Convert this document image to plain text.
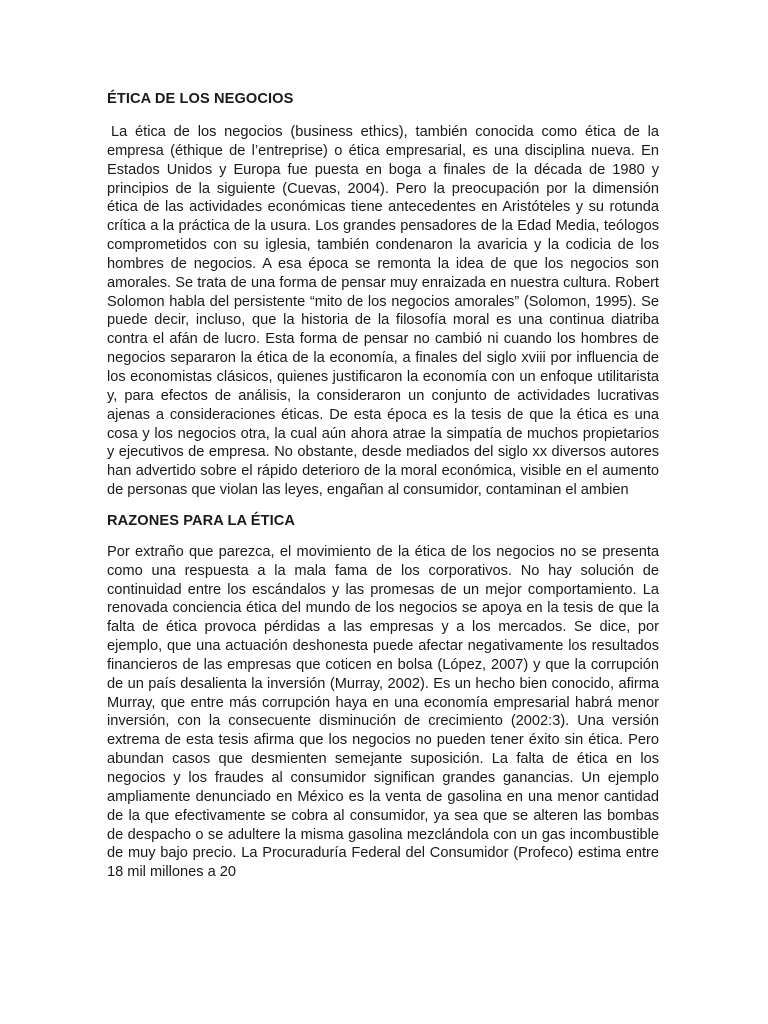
ÉTICA DE LOS NEGOCIOS

La ética de los negocios (business ethics), también conocida como ética de la empresa (éthique de l’entreprise) o ética empresarial, es una disciplina nueva. En Estados Unidos y Europa fue puesta en boga a finales de la década de 1980 y principios de la siguiente (Cuevas, 2004). Pero la preocupación por la dimensión ética de las actividades económicas tiene antecedentes en Aristóteles y su rotunda crítica a la práctica de la usura. Los grandes pensadores de la Edad Media, teólogos comprometidos con su iglesia, también condenaron la avaricia y la codicia de los hombres de negocios. A esa época se remonta la idea de que los negocios son amorales. Se trata de una forma de pensar muy enraizada en nuestra cultura. Robert Solomon habla del persistente “mito de los negocios amorales” (Solomon, 1995). Se puede decir, incluso, que la historia de la filosofía moral es una continua diatriba contra el afán de lucro. Esta forma de pensar no cambió ni cuando los hombres de negocios separaron la ética de la economía, a finales del siglo xviii por influencia de los economistas clásicos, quienes justificaron la economía con un enfoque utilitarista y, para efectos de análisis, la consideraron un conjunto de actividades lucrativas ajenas a consideraciones éticas. De esta época es la tesis de que la ética es una cosa y los negocios otra, la cual aún ahora atrae la simpatía de muchos propietarios y ejecutivos de empresa. No obstante, desde mediados del siglo xx diversos autores han advertido sobre el rápido deterioro de la moral económica, visible en el aumento de personas que violan las leyes, engañan al consumidor, contaminan el ambien

RAZONES PARA LA ÉTICA

Por extraño que parezca, el movimiento de la ética de los negocios no se presenta como una respuesta a la mala fama de los corporativos. No hay solución de continuidad entre los escándalos y las promesas de un mejor comportamiento. La renovada conciencia ética del mundo de los negocios se apoya en la tesis de que la falta de ética provoca pérdidas a las empresas y a los mercados. Se dice, por ejemplo, que una actuación deshonesta puede afectar negativamente los resultados financieros de las empresas que coticen en bolsa (López, 2007) y que la corrupción de un país desalienta la inversión (Murray, 2002). Es un hecho bien conocido, afirma Murray, que entre más corrupción haya en una economía empresarial habrá menor inversión, con la consecuente disminución de crecimiento (2002:3). Una versión extrema de esta tesis afirma que los negocios no pueden tener éxito sin ética. Pero abundan casos que desmienten semejante suposición. La falta de ética en los negocios y los fraudes al consumidor significan grandes ganancias. Un ejemplo ampliamente denunciado en México es la venta de gasolina en una menor cantidad de la que efectivamente se cobra al consumidor, ya sea que se alteren las bombas de despacho o se adultere la misma gasolina mezclándola con un gas incombustible de muy bajo precio. La Procuraduría Federal del Consumidor (Profeco) estima entre 18 mil millones a 20
